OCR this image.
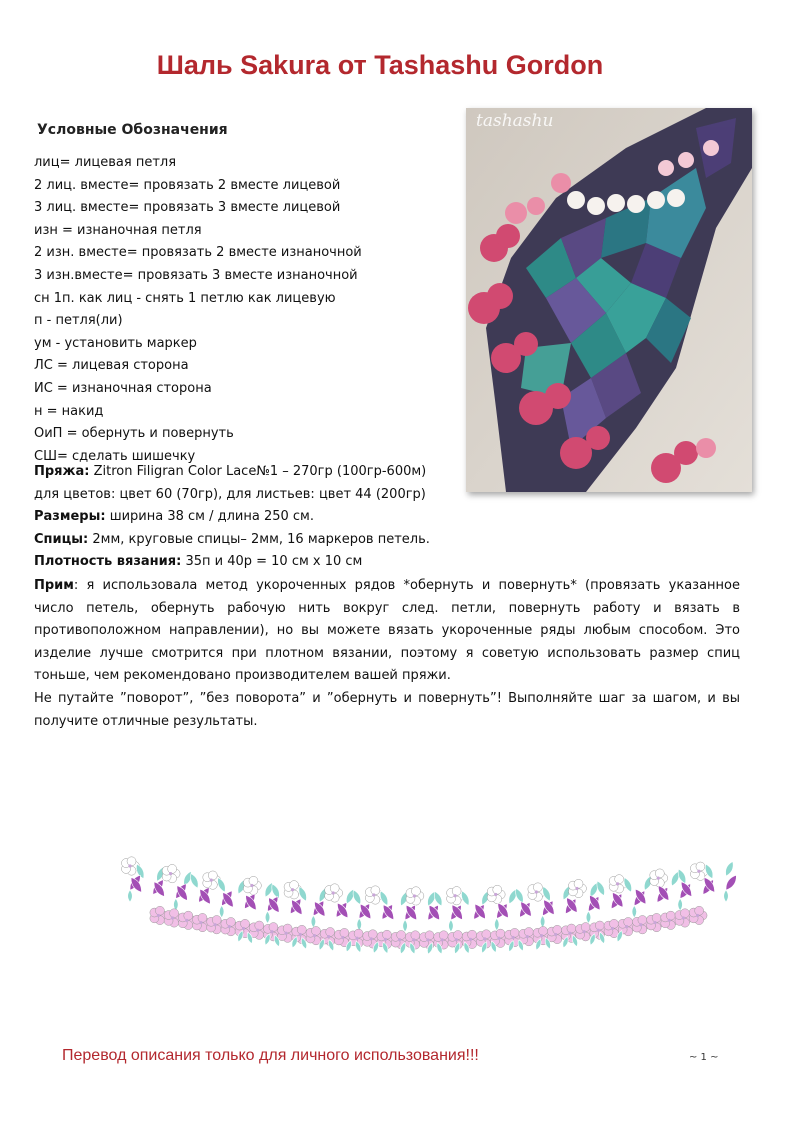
Шаль Sakura от Tashashu Gordon
tashashu
Условные Обозначения
лиц= лицевая петля
2 лиц. вместе= провязать 2 вместе лицевой
3 лиц. вместе= провязать 3 вместе лицевой
изн = изнаночная петля
2 изн. вместе= провязать 2 вместе изнаночной
3 изн.вместе= провязать 3 вместе изнаночной
сн 1п. как лиц - снять 1 петлю как лицевую
п - петля(ли)
ум - установить маркер
ЛС = лицевая сторона
ИС = изнаночная сторона
н = накид
ОиП = обернуть и повернуть
СШ= сделать шишечку
Пряжа: Zitron Filigran Color Lace№1 – 270гр (100гр-600м)
для цветов: цвет 60 (70гр), для листьев: цвет 44 (200гр)
Размеры: ширина 38 см / длина 250 см.
Спицы: 2мм, круговые спицы– 2мм, 16 маркеров петель.
Плотность вязания: 35п и 40р = 10 см х 10 см

Прим: я использовала метод укороченных рядов *обернуть и повернуть* (провязать указанное число петель, обернуть рабочую нить вокруг след. петли, повернуть работу и вязать в противоположном направлении), но вы можете вязать укороченные ряды любым способом. Это изделие лучше смотрится при плотном вязании, поэтому я советую использовать размер спиц тоньше, чем рекомендовано производителем вашей пряжи.

Не путайте ”поворот”, ”без поворота” и ”обернуть и повернуть”! Выполняйте шаг за шагом, и вы получите отличные результаты.

Перевод описания только для личного использования!!!	~ 1 ~
